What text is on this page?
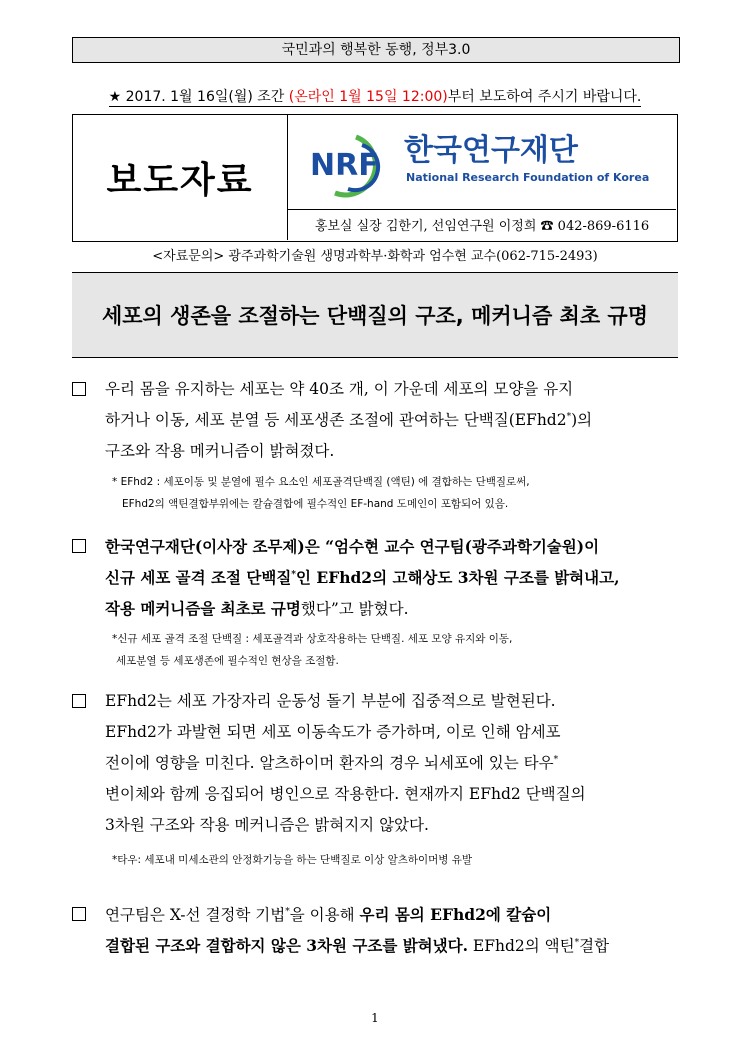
국민과의 행복한 동행, 정부3.0
★ 2017. 1월 16일(월) 조간 (온라인 1월 15일 12:00)부터 보도하여 주시기 바랍니다.
보도자료	NRF 한국연구재단
National Research Foundation of Korea
홍보실 실장 김한기, 선임연구원 이정희 ☎ 042-869-6116
<자료문의> 광주과학기술원 생명과학부·화학과 엄수현 교수(062-715-2493)
세포의 생존을 조절하는 단백질의 구조, 메커니즘 최초 규명
우리 몸을 유지하는 세포는 약 40조 개, 이 가운데 세포의 모양을 유지
하거나 이동, 세포 분열 등 세포생존 조절에 관여하는 단백질(EFhd2*)의
구조와 작용 메커니즘이 밝혀졌다.
* EFhd2 : 세포이동 및 분열에 필수 요소인 세포골격단백질 (액틴) 에 결합하는 단백질로써,
EFhd2의 액틴결합부위에는 칼슘결합에 필수적인 EF-hand 도메인이 포함되어 있음.
한국연구재단(이사장 조무제)은 “엄수현 교수 연구팀(광주과학기술원)이
신규 세포 골격 조절 단백질*인 EFhd2의 고해상도 3차원 구조를 밝혀내고,
작용 메커니즘을 최초로 규명했다”고 밝혔다.
*신규 세포 골격 조절 단백질 : 세포골격과 상호작용하는 단백질. 세포 모양 유지와 이동,
세포분열 등 세포생존에 필수적인 현상을 조절함.
EFhd2는 세포 가장자리 운동성 돌기 부분에 집중적으로 발현된다.
EFhd2가 과발현 되면 세포 이동속도가 증가하며, 이로 인해 암세포
전이에 영향을 미친다. 알츠하이머 환자의 경우 뇌세포에 있는 타우*
변이체와 함께 응집되어 병인으로 작용한다. 현재까지 EFhd2 단백질의
3차원 구조와 작용 메커니즘은 밝혀지지 않았다.
*타우: 세포내 미세소관의 안정화기능을 하는 단백질로 이상 알츠하이머병 유발
연구팀은 X-선 결정학 기법*을 이용해 우리 몸의 EFhd2에 칼슘이
결합된 구조와 결합하지 않은 3차원 구조를 밝혀냈다. EFhd2의 액틴*결합
1
